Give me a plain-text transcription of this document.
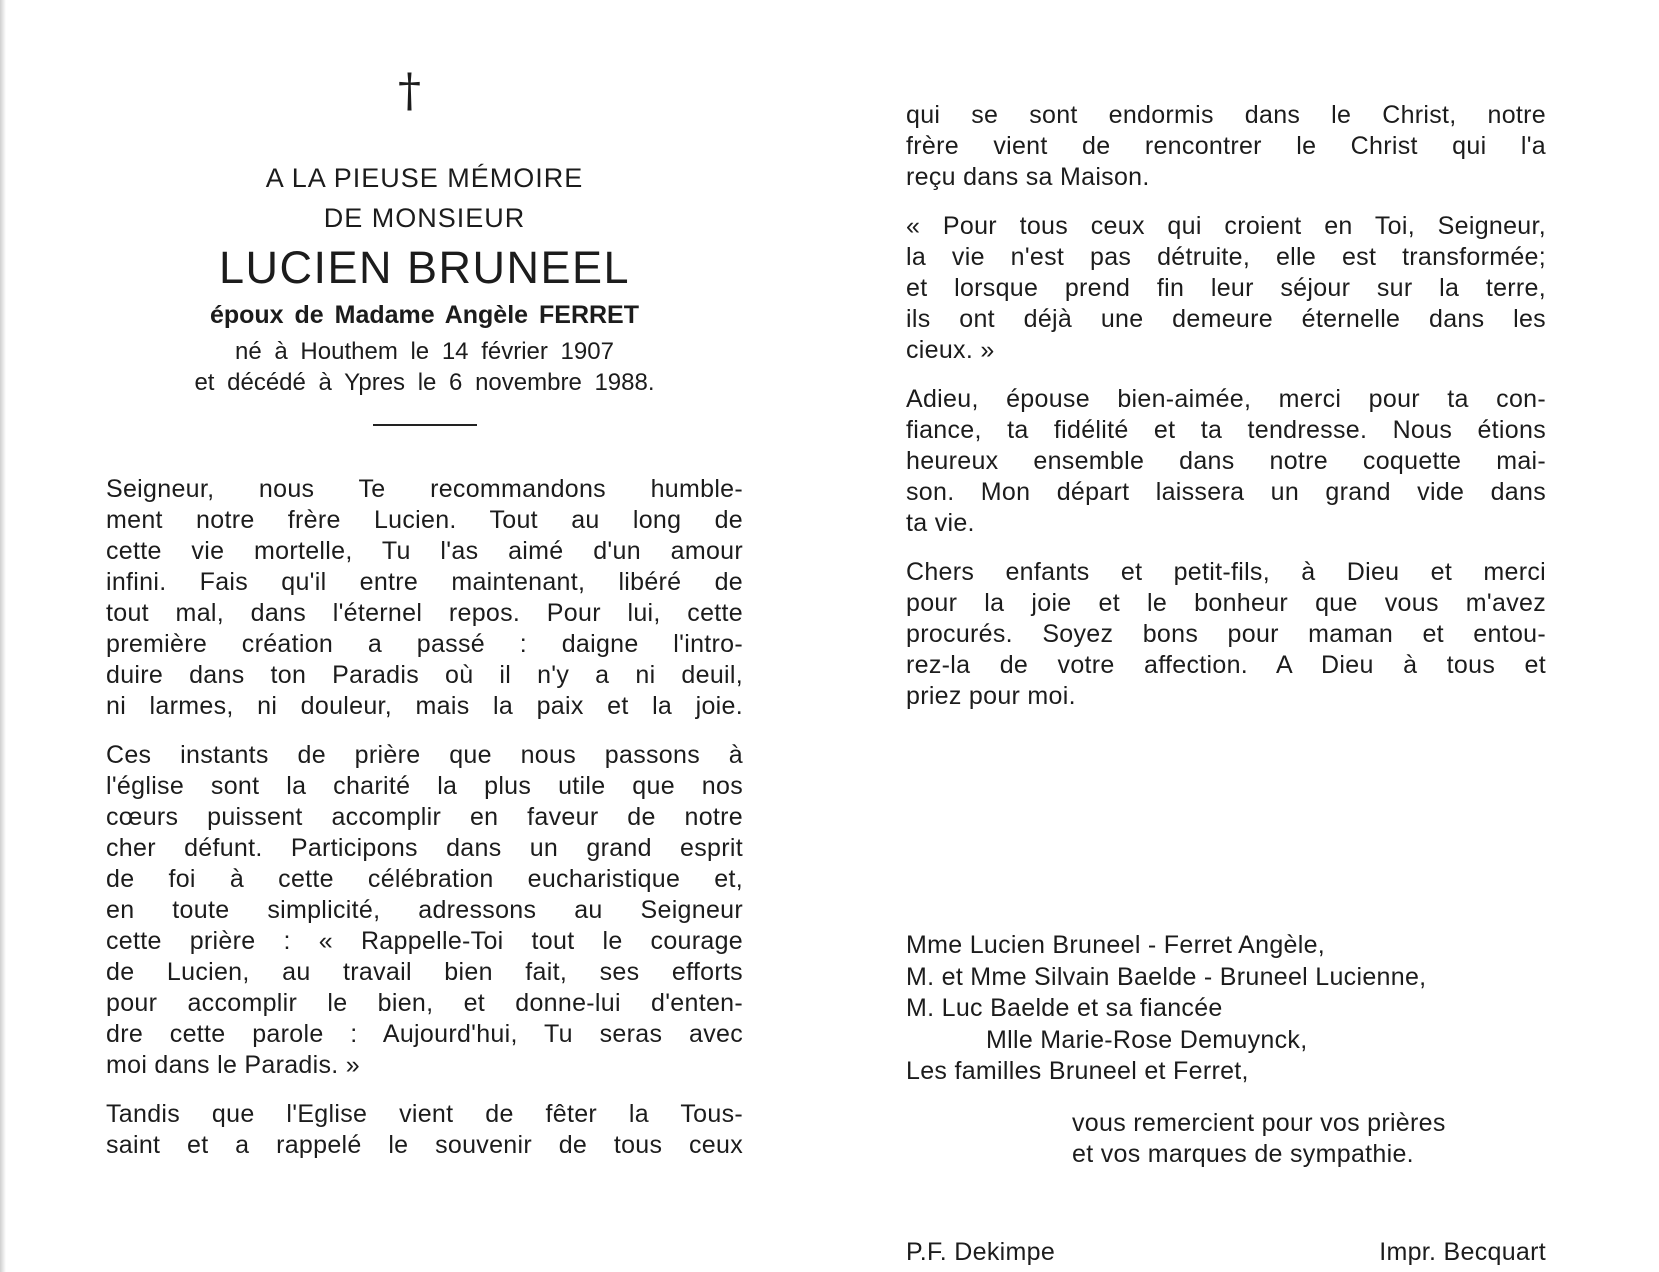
†
A LA PIEUSE MÉMOIRE
DE MONSIEUR
LUCIEN BRUNEEL
époux de Madame Angèle FERRET
né à Houthem le 14 février 1907
et décédé à Ypres le 6 novembre 1988.

Seigneur, nous Te recommandons humble-

ment notre frère Lucien. Tout au long de

cette vie mortelle, Tu l'as aimé d'un amour

infini. Fais qu'il entre maintenant, libéré de

tout mal, dans l'éternel repos. Pour lui, cette

première création a passé : daigne l'intro-

duire dans ton Paradis où il n'y a ni deuil,

ni larmes, ni douleur, mais la paix et la joie.

Ces instants de prière que nous passons à

l'église sont la charité la plus utile que nos

cœurs puissent accomplir en faveur de notre

cher défunt. Participons dans un grand esprit

de foi à cette célébration eucharistique et,

en toute simplicité, adressons au Seigneur

cette prière : « Rappelle-Toi tout le courage

de Lucien, au travail bien fait, ses efforts

pour accomplir le bien, et donne-lui d'enten-

dre cette parole : Aujourd'hui, Tu seras avec

moi dans le Paradis. »

Tandis que l'Eglise vient de fêter la Tous-

saint et a rappelé le souvenir de tous ceux

qui se sont endormis dans le Christ, notre

frère vient de rencontrer le Christ qui l'a

reçu dans sa Maison.

« Pour tous ceux qui croient en Toi, Seigneur,

la vie n'est pas détruite, elle est transformée;

et lorsque prend fin leur séjour sur la terre,

ils ont déjà une demeure éternelle dans les

cieux. »

Adieu, épouse bien-aimée, merci pour ta con-

fiance, ta fidélité et ta tendresse. Nous étions

heureux ensemble dans notre coquette mai-

son. Mon départ laissera un grand vide dans

ta vie.

Chers enfants et petit-fils, à Dieu et merci

pour la joie et le bonheur que vous m'avez

procurés. Soyez bons pour maman et entou-

rez-la de votre affection. A Dieu à tous et

priez pour moi.

Mme Lucien Bruneel - Ferret Angèle,
M. et Mme Silvain Baelde - Bruneel Lucienne,
M. Luc Baelde et sa fiancée
Mlle Marie-Rose Demuynck,
Les familles Bruneel et Ferret,
vous remercient pour vos prières
et vos marques de sympathie.
P.F. Dekimpe	Impr. Becquart
